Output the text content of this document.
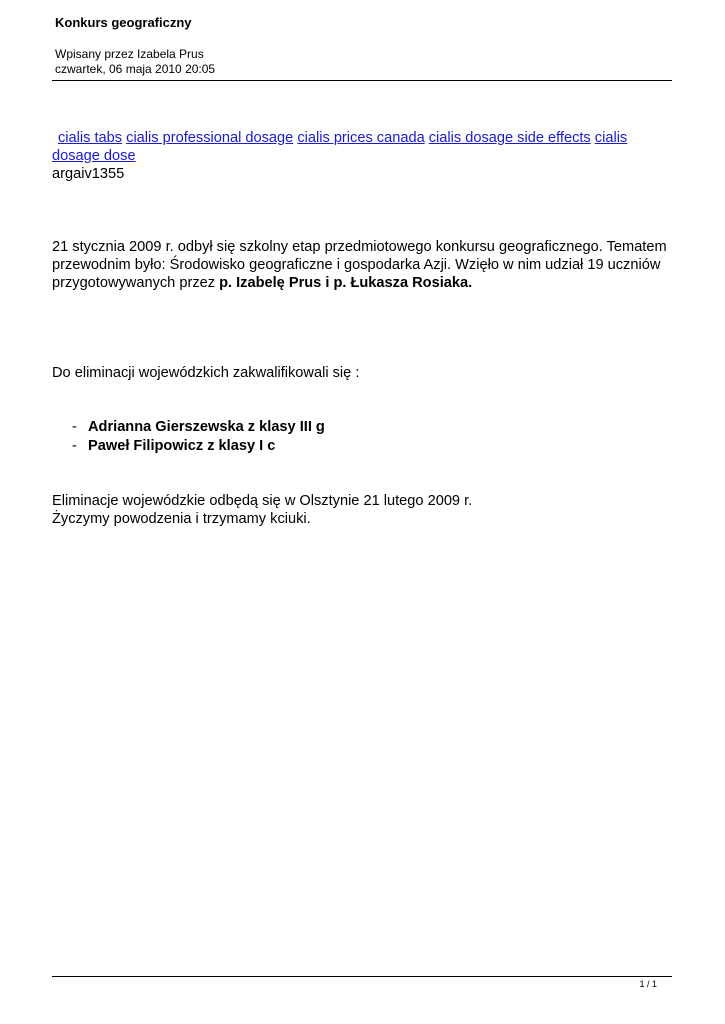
Konkurs geograficzny
Wpisany przez Izabela Prus
czwartek, 06 maja 2010 20:05
cialis tabs cialis professional dosage cialis prices canada cialis dosage side effects cialis dosage dose
argaiv1355

21 stycznia 2009 r. odbył się szkolny etap przedmiotowego konkursu geograficznego. Tematem przewodnim było: Środowisko geograficzne i gospodarka Azji. Wzięło w nim udział 19 uczniów przygotowywanych przez p. Izabelę Prus i p. Łukasza Rosiaka.

Do eliminacji wojewódzkich zakwalifikowali się :

- Adrianna Gierszewska z klasy III g
- Paweł Filipowicz z klasy I c

Eliminacje wojewódzkie odbędą się w Olsztynie 21 lutego 2009 r.

Życzymy powodzenia i trzymamy kciuki.

1 / 1
